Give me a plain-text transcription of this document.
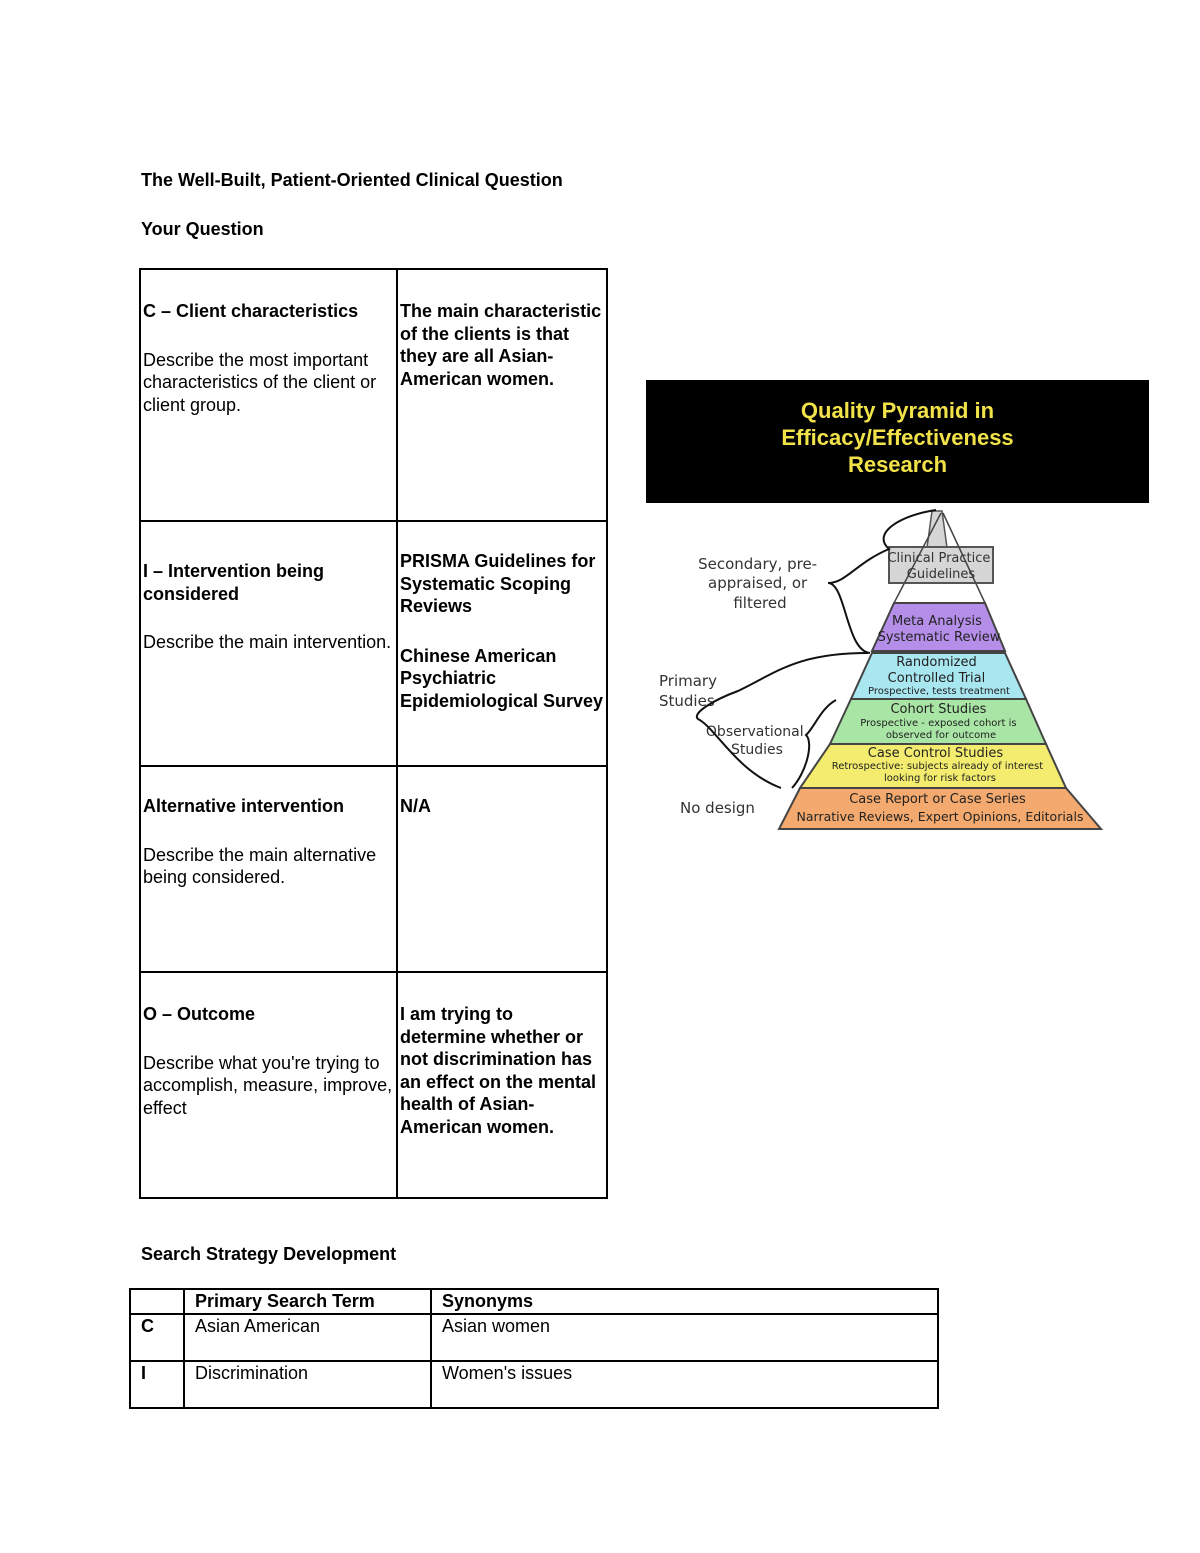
The Well-Built, Patient-Oriented Clinical Question
Your Question
C – Client characteristics
Describe the most important characteristics of the client or client group.	The main characteristic of the clients is that they are all Asian-American women.

I – Intervention being considered
Describe the main intervention.	PRISMA Guidelines for Systematic Scoping Reviews
Chinese American Psychiatric Epidemiological Survey

Alternative intervention
Describe the main alternative being considered.	N/A

O – Outcome
Describe what you're trying to accomplish, measure, improve, effect	I am trying to determine whether or not discrimination has an effect on the mental health of Asian-American women.
Quality Pyramid in
Efficacy/Effectiveness
Research
Clinical Practice Guidelines
Meta Analysis Systematic Review
Randomized Controlled Trial Prospective, tests treatment
Cohort Studies Prospective - exposed cohort is observed for outcome
Case Control Studies Retrospective: subjects already of interest looking for risk factors
Case Report or Case Series Narrative Reviews, Expert Opinions, Editorials
Secondary, pre- appraised, or filtered
Primary Studies
Observational Studies
No design
Search Strategy Development
	Primary Search Term	Synonyms
C	Asian American	Asian women
I	Discrimination	Women's issues
